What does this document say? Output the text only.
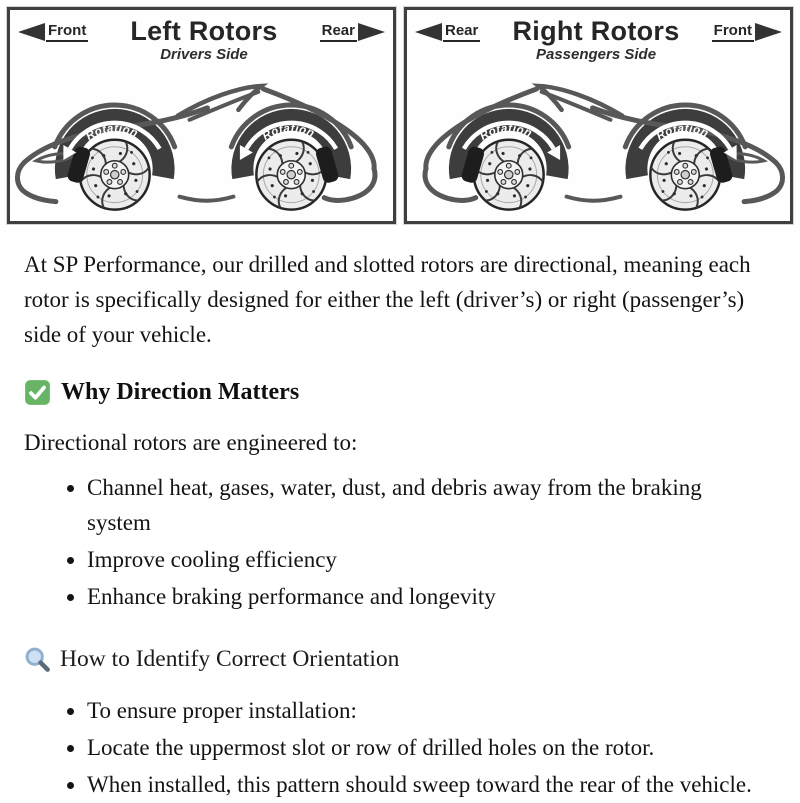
Front Left Rotors
Drivers Side
Rear
Rotation	Rotation
Rear Right Rotors
Passengers Side
Front
Rotation	Rotation

At SP Performance, our drilled and slotted rotors are directional, meaning each rotor is specifically designed for either the left (driver’s) or right (passenger’s) side of your vehicle.

Why Direction Matters

Directional rotors are engineered to:

• Channel heat, gases, water, dust, and debris away from the braking system
• Improve cooling efficiency
• Enhance braking performance and longevity
How to Identify Correct Orientation
• To ensure proper installation:
• Locate the uppermost slot or row of drilled holes on the rotor.
• When installed, this pattern should sweep toward the rear of the vehicle.
